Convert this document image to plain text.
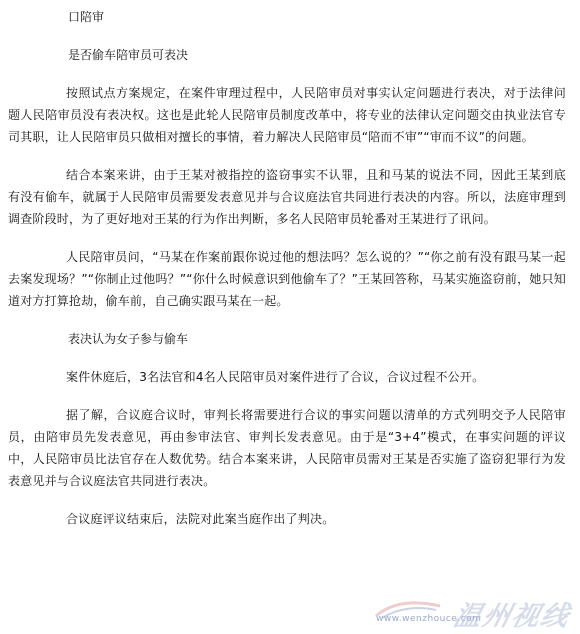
口陪审
是否偷车陪审员可表决
按照试点方案规定，在案件审理过程中，人民陪审员对事实认定问题进行表决，对于法律问题人民陪审员没有表决权。这也是此轮人民陪审员制度改革中，将专业的法律认定问题交由执业法官专司其职，让人民陪审员只做相对擅长的事情，着力解决人民陪审员“陪而不审”“审而不议”的问题。
结合本案来讲，由于王某对被指控的盗窃事实不认罪，且和马某的说法不同，因此王某到底有没有偷车，就属于人民陪审员需要发表意见并与合议庭法官共同进行表决的内容。所以，法庭审理到调查阶段时，为了更好地对王某的行为作出判断，多名人民陪审员轮番对王某进行了讯问。
人民陪审员问，“马某在作案前跟你说过他的想法吗？怎么说的？”“你之前有没有跟马某一起去案发现场？”“你制止过他吗？”“你什么时候意识到他偷车了？”王某回答称，马某实施盗窃前，她只知道对方打算抢劫，偷车前，自己确实跟马某在一起。
表决认为女子参与偷车
案件休庭后，3名法官和4名人民陪审员对案件进行了合议，合议过程不公开。
据了解，合议庭合议时，审判长将需要进行合议的事实问题以清单的方式列明交予人民陪审员，由陪审员先发表意见，再由参审法官、审判长发表意见。由于是“3+4”模式，在事实问题的评议中，人民陪审员比法官存在人数优势。结合本案来讲，人民陪审员需对王某是否实施了盗窃犯罪行为发表意见并与合议庭法官共同进行表决。
合议庭评议结束后，法院对此案当庭作出了判决。
www.wenzhouce.com
温州视线
